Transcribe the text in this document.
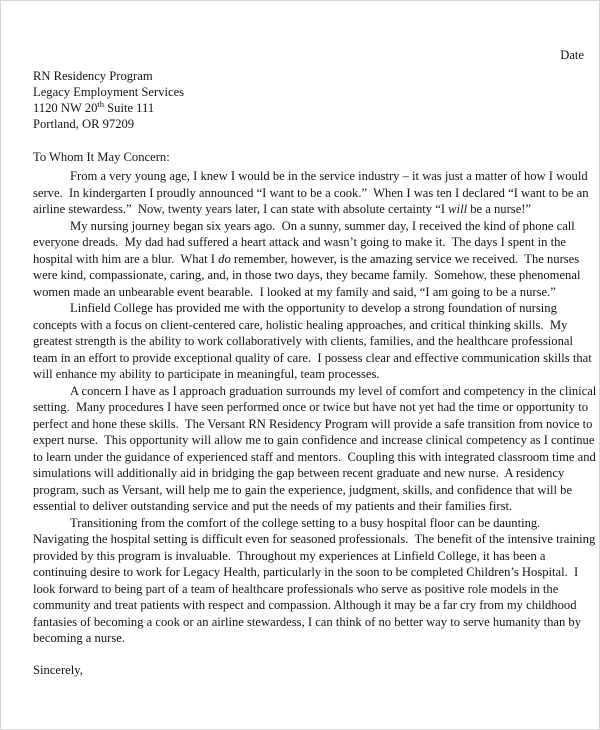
Date
RN Residency Program
Legacy Employment Services
1120 NW 20th Suite 111
Portland, OR 97209
To Whom It May Concern:
From a very young age, I knew I would be in the service industry – it was just a matter of how I would
serve.  In kindergarten I proudly announced “I want to be a cook.”  When I was ten I declared “I want to be an
airline stewardess.”  Now, twenty years later, I can state with absolute certainty “I will be a nurse!”
My nursing journey began six years ago.  On a sunny, summer day, I received the kind of phone call
everyone dreads.  My dad had suffered a heart attack and wasn’t going to make it.  The days I spent in the
hospital with him are a blur.  What I do remember, however, is the amazing service we received.  The nurses
were kind, compassionate, caring, and, in those two days, they became family.  Somehow, these phenomenal
women made an unbearable event bearable.  I looked at my family and said, “I am going to be a nurse.”
Linfield College has provided me with the opportunity to develop a strong foundation of nursing
concepts with a focus on client-centered care, holistic healing approaches, and critical thinking skills.  My
greatest strength is the ability to work collaboratively with clients, families, and the healthcare professional
team in an effort to provide exceptional quality of care.  I possess clear and effective communication skills that
will enhance my ability to participate in meaningful, team processes.
A concern I have as I approach graduation surrounds my level of comfort and competency in the clinical
setting.  Many procedures I have seen performed once or twice but have not yet had the time or opportunity to
perfect and hone these skills.  The Versant RN Residency Program will provide a safe transition from novice to
expert nurse.  This opportunity will allow me to gain confidence and increase clinical competency as I continue
to learn under the guidance of experienced staff and mentors.  Coupling this with integrated classroom time and
simulations will additionally aid in bridging the gap between recent graduate and new nurse.  A residency
program, such as Versant, will help me to gain the experience, judgment, skills, and confidence that will be
essential to deliver outstanding service and put the needs of my patients and their families first.
Transitioning from the comfort of the college setting to a busy hospital floor can be daunting.
Navigating the hospital setting is difficult even for seasoned professionals.  The benefit of the intensive training
provided by this program is invaluable.  Throughout my experiences at Linfield College, it has been a
continuing desire to work for Legacy Health, particularly in the soon to be completed Children’s Hospital.  I
look forward to being part of a team of healthcare professionals who serve as positive role models in the
community and treat patients with respect and compassion. Although it may be a far cry from my childhood
fantasies of becoming a cook or an airline stewardess, I can think of no better way to serve humanity than by
becoming a nurse.
Sincerely,
